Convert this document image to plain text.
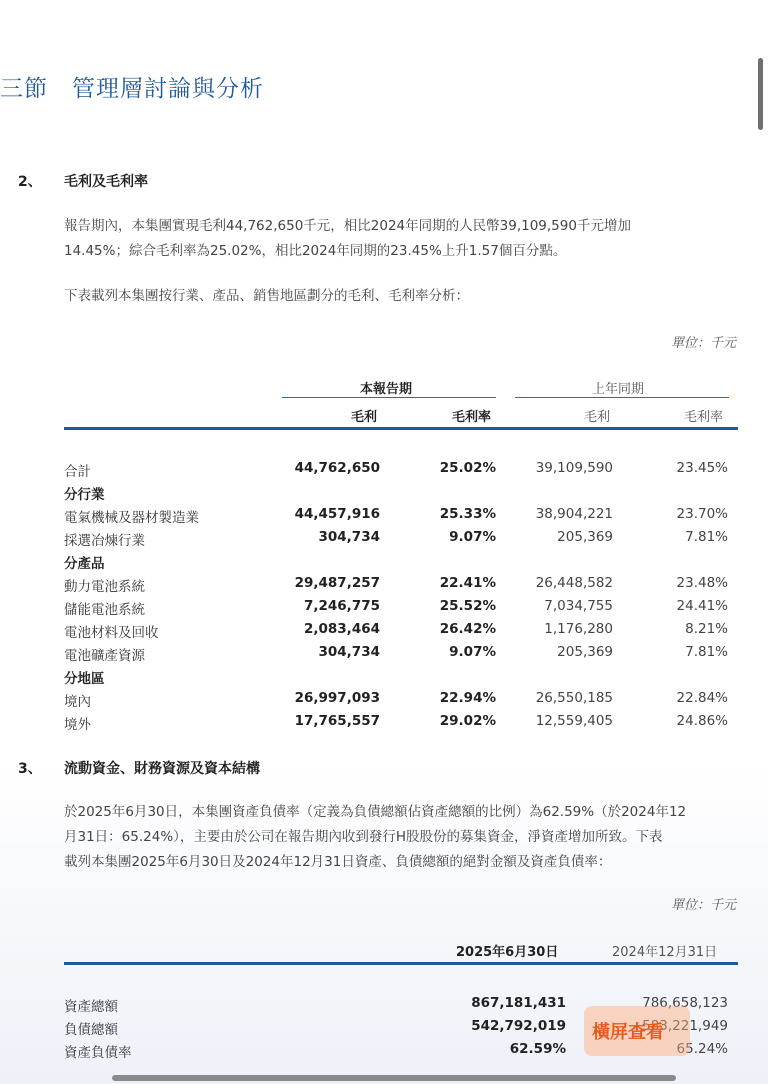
三節 管理層討論與分析
2、 毛利及毛利率
報告期內，本集團實現毛利44,762,650千元，相比2024年同期的人民幣39,109,590千元增加
14.45%；綜合毛利率為25.02%，相比2024年同期的23.45%上升1.57個百分點。
下表載列本集團按行業、產品、銷售地區劃分的毛利、毛利率分析：
單位：千元
本報告期	上年同期
毛利	毛利率	毛利	毛利率
合計	44,762,650	25.02%	39,109,590	23.45%
分行業
電氣機械及器材製造業	44,457,916	25.33%	38,904,221	23.70%
採選冶煉行業	304,734	9.07%	205,369	7.81%
分產品
動力電池系統	29,487,257	22.41%	26,448,582	23.48%
儲能電池系統	7,246,775	25.52%	7,034,755	24.41%
電池材料及回收	2,083,464	26.42%	1,176,280	8.21%
電池礦產資源	304,734	9.07%	205,369	7.81%
分地區
境內	26,997,093	22.94%	26,550,185	22.84%
境外	17,765,557	29.02%	12,559,405	24.86%
3、 流動資金、財務資源及資本結構
於2025年6月30日，本集團資產負債率（定義為負債總額佔資產總額的比例）為62.59%（於2024年12
月31日：65.24%），主要由於公司在報告期內收到發行H股股份的募集資金，淨資產增加所致。下表
載列本集團2025年6月30日及2024年12月31日資產、負債總額的絕對金額及資產負債率：
單位：千元
2025年6月30日	2024年12月31日
資產總額	867,181,431	786,658,123
負債總額	542,792,019	583,221,949
資產負債率	62.59%	65.24%
橫屏查看
